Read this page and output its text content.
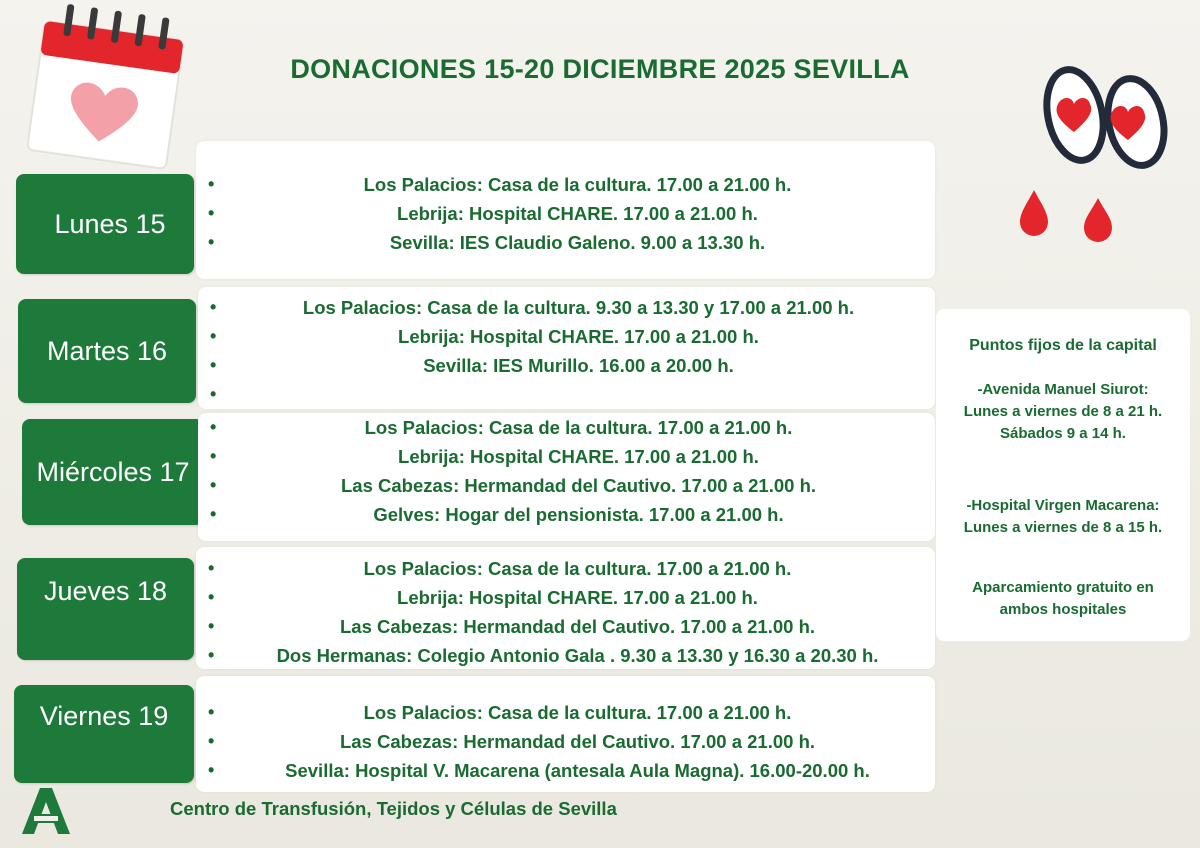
DONACIONES 15-20 DICIEMBRE 2025 SEVILLA
Lunes 15
• Los Palacios: Casa de la cultura. 17.00 a 21.00 h.
• Lebrija: Hospital CHARE. 17.00 a 21.00 h.
• Sevilla: IES Claudio Galeno. 9.00 a 13.30 h.
Martes 16
• Los Palacios: Casa de la cultura. 9.30 a 13.30 y 17.00 a 21.00 h.
• Lebrija: Hospital CHARE. 17.00 a 21.00 h.
• Sevilla: IES Murillo. 16.00 a 20.00 h.
•
Miércoles 17
• Los Palacios: Casa de la cultura. 17.00 a 21.00 h.
• Lebrija: Hospital CHARE. 17.00 a 21.00 h.
• Las Cabezas: Hermandad del Cautivo. 17.00 a 21.00 h.
• Gelves: Hogar del pensionista. 17.00 a 21.00 h.
Jueves 18
• Los Palacios: Casa de la cultura. 17.00 a 21.00 h.
• Lebrija: Hospital CHARE. 17.00 a 21.00 h.
• Las Cabezas: Hermandad del Cautivo. 17.00 a 21.00 h.
• Dos Hermanas: Colegio Antonio Gala . 9.30 a 13.30 y 16.30 a 20.30 h.
Viernes 19
•	Los Palacios: Casa de la cultura. 17.00 a 21.00 h.
• Las Cabezas: Hermandad del Cautivo. 17.00 a 21.00 h.
• Sevilla: Hospital V. Macarena (antesala Aula Magna). 16.00-20.00 h.
Puntos fijos de la capital
-Avenida Manuel Siurot:
Lunes a viernes de 8 a 21 h.
Sábados 9 a 14 h.
-Hospital Virgen Macarena:
Lunes a viernes de 8 a 15 h.
Aparcamiento gratuito en
ambos hospitales
Centro de Transfusión, Tejidos y Células de Sevilla
